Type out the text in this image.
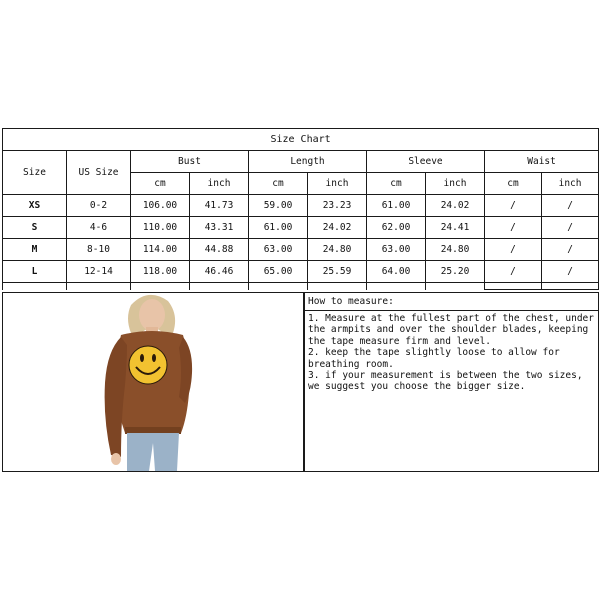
Size Chart									
Size	US Size	Bust		Length		Sleeve		Waist	
		cm	inch	cm	inch	cm	inch	cm	inch
XS	0-2	106.00	41.73	59.00	23.23	61.00	24.02	/	/
S	4-6	110.00	43.31	61.00	24.02	62.00	24.41	/	/
M	8-10	114.00	44.88	63.00	24.80	63.00	24.80	/	/
L	12-14	118.00	46.46	65.00	25.59	64.00	25.20	/	/

How to measure:

1. Measure at the fullest part of the chest, under the armpits and over the shoulder blades, keeping the tape measure firm and level.

2. keep the tape slightly loose to allow for breathing room.

3. if your measurement is between the two sizes, we suggest you choose the bigger size.
